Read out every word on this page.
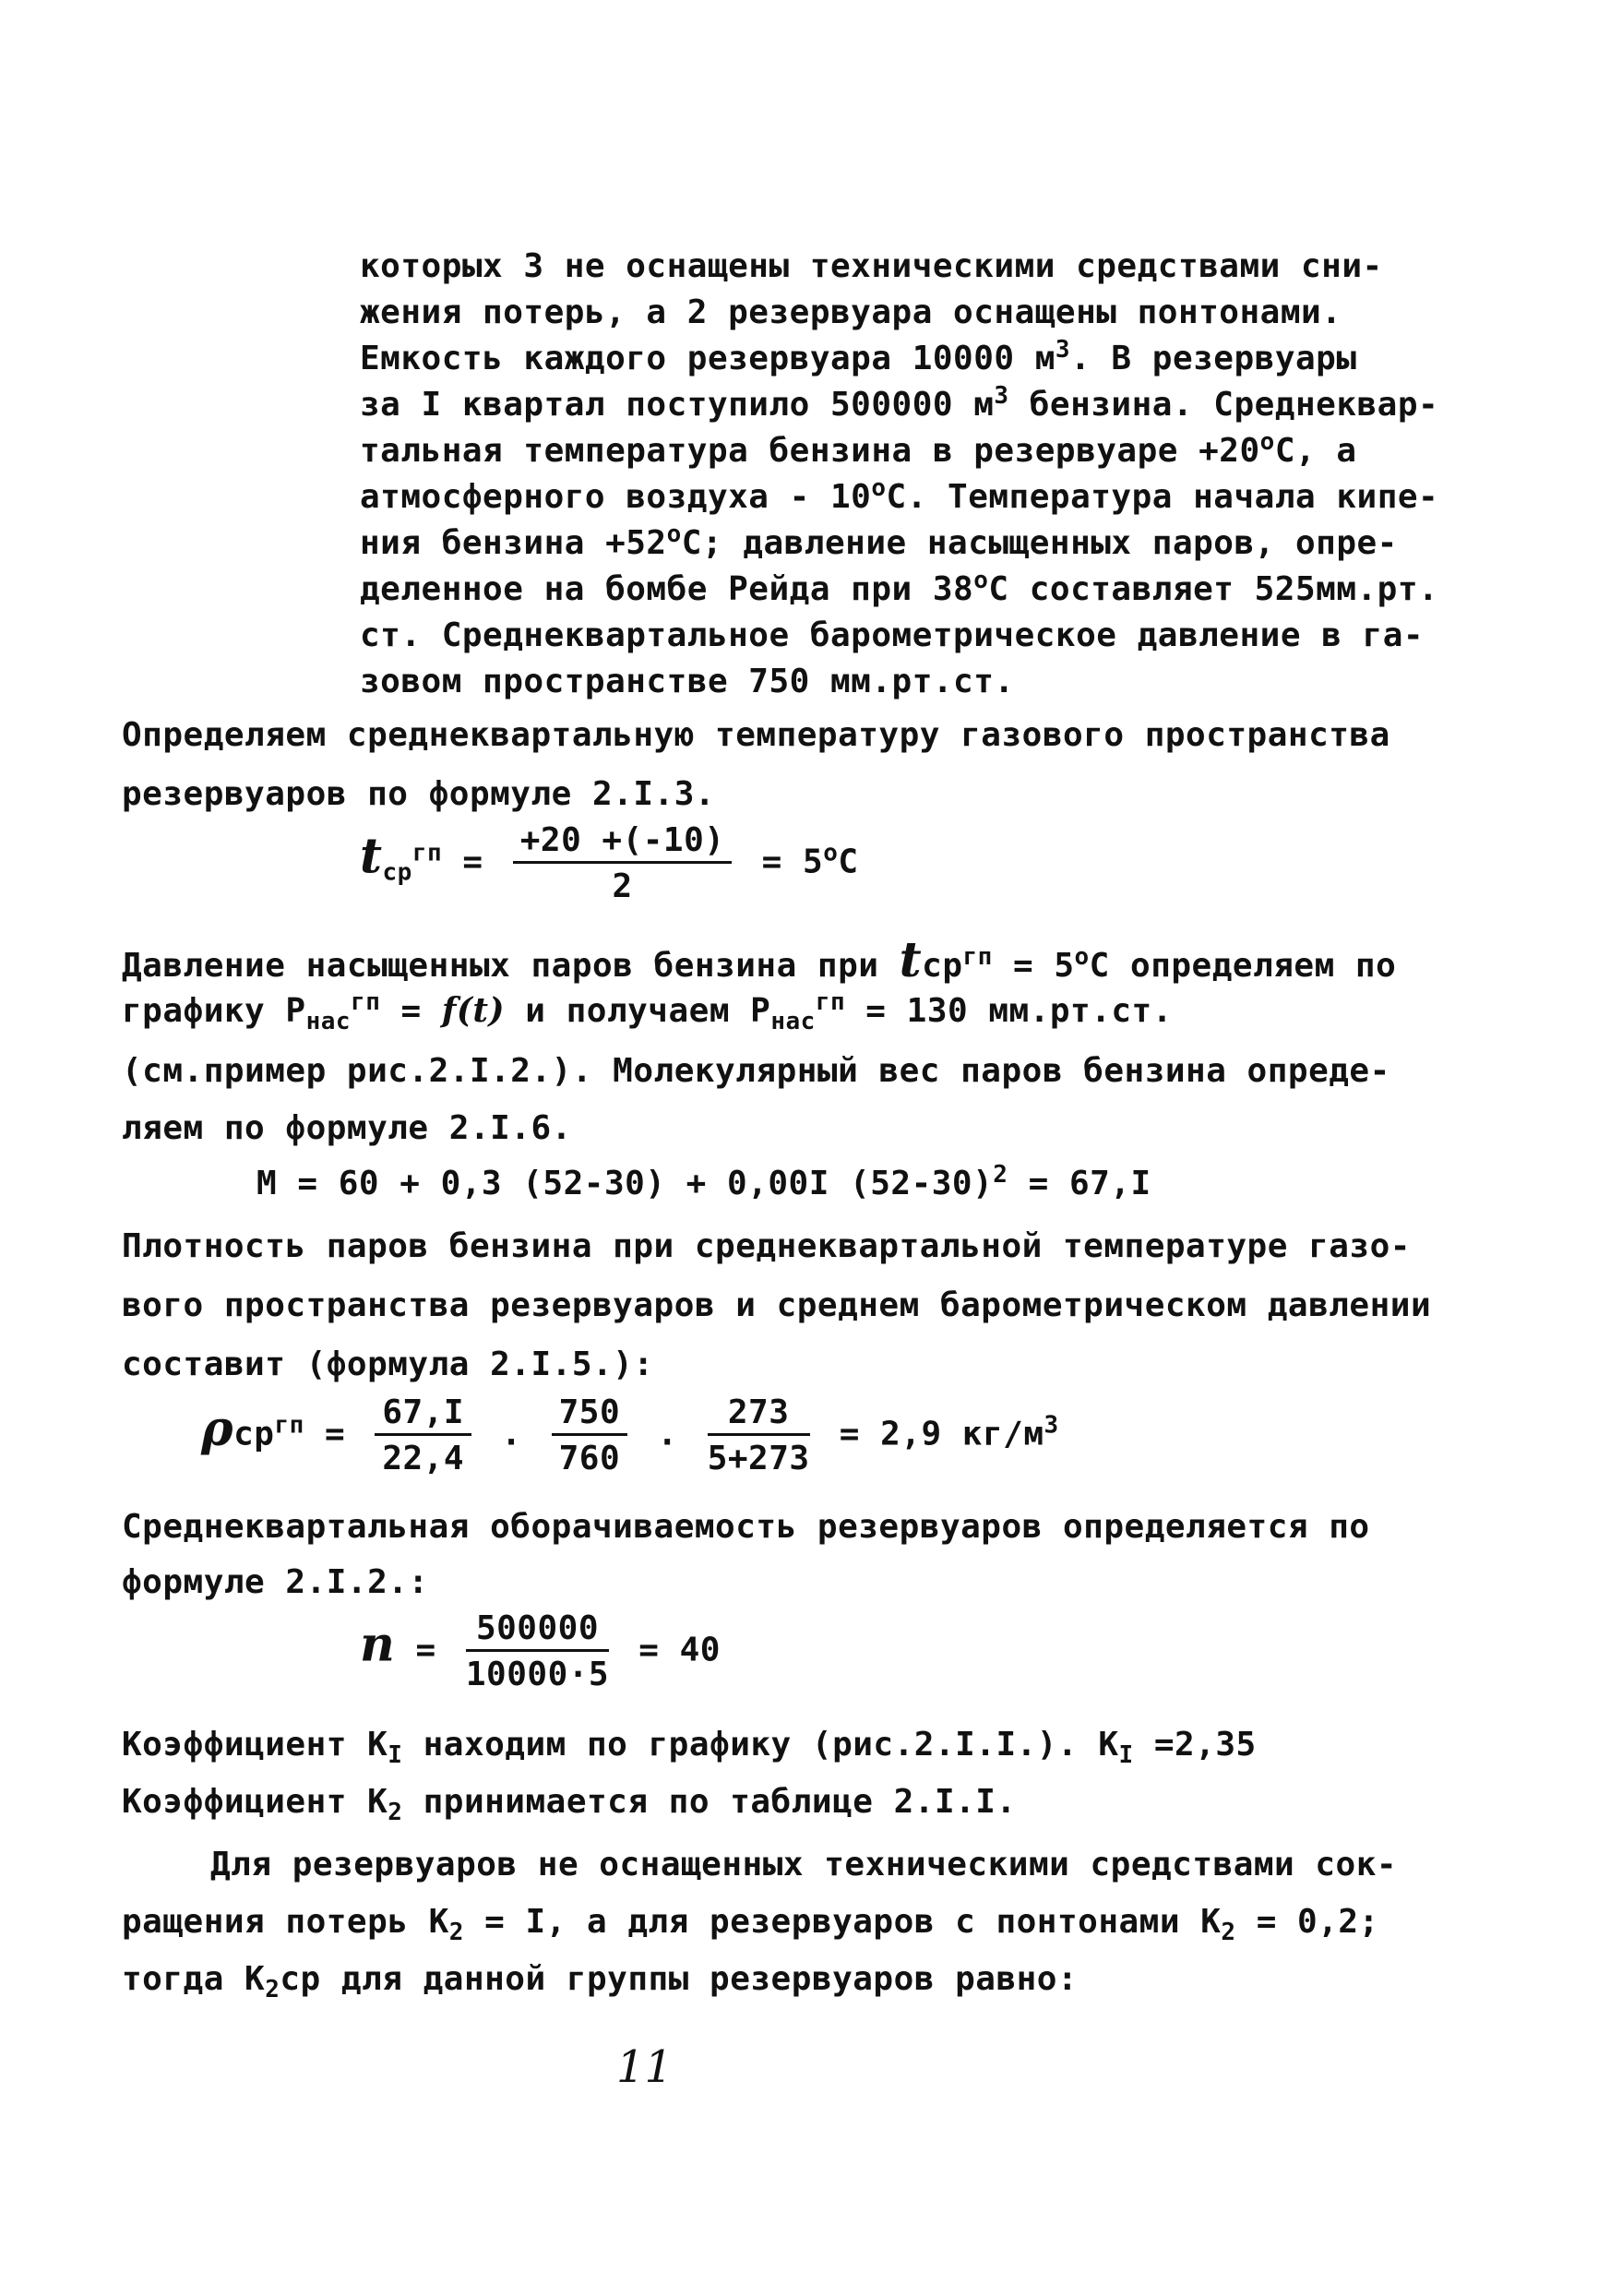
которых 3 не оснащены техническими средствами сни-
жения потерь, а 2 резервуара оснащены понтонами.
Емкость каждого резервуара 10000 $м^3$. В резервуары
за I квартал поступило 500000 $м^3$ бензина. Среднеквар-
тальная температура бензина в резервуаре $+20^oC$, а
атмосферного воздуха - 10$^o$C. Температура начала кипе-
ния бензина $+52^oC$; давление насыщенных паров, опре-
деленное на бомбе Рейда при 38$^o$C составляет 525мм.рт.
ст. Среднеквартальное барометрическое давление в га-
зовом пространстве 750 мм.рт.ст.
Определяем среднеквартальную температуру газового пространства
резервуаров по формуле 2.I.3.
$t_{ср}^{гп} = \frac{+20 +(-10)}{2} = 5^oC$
Давление насыщенных паров бензина при $tср^{гп} = 5^oC$ определяем по
графику $P_{нас}^{гп} = f(t)$ и получаем $P_{нас}^{гп} = 130$ мм.рт.ст.
(см.пример рис.2.I.2.). Молекулярный вес паров бензина опреде-
ляем по формуле 2.I.6.
M = 60 + 0,3 (52-30) + 0,00I $(52-30)^2 = 67,I$
Плотность паров бензина при среднеквартальной температуре газо-
вого пространства резервуаров и среднем барометрическом давлении
составит (формула 2.I.5.):
$\rho ср^{гп} = \frac{67,I}{22,4}$ . $\frac{750}{760}$ . $\frac{273}{5+273} = 2,9$ $кг/м^3$
Среднеквартальная оборачиваемость резервуаров определяется по
формуле 2.I.2.:
$n = \frac{500000}{10000\cdot 5} = 40$
Коэффициент $K_I$ находим по графику (рис.2.I.I.). $K_I =2,35$
Коэффициент $K_2$ принимается по таблице 2.I.I.
Для резервуаров не оснащенных техническими средствами сок-
ращения потерь $K_2 = I$, а для резервуаров с понтонами $K_2 = 0,2$;
тогда $K_2ср$ для данной группы резервуаров равно:
11
